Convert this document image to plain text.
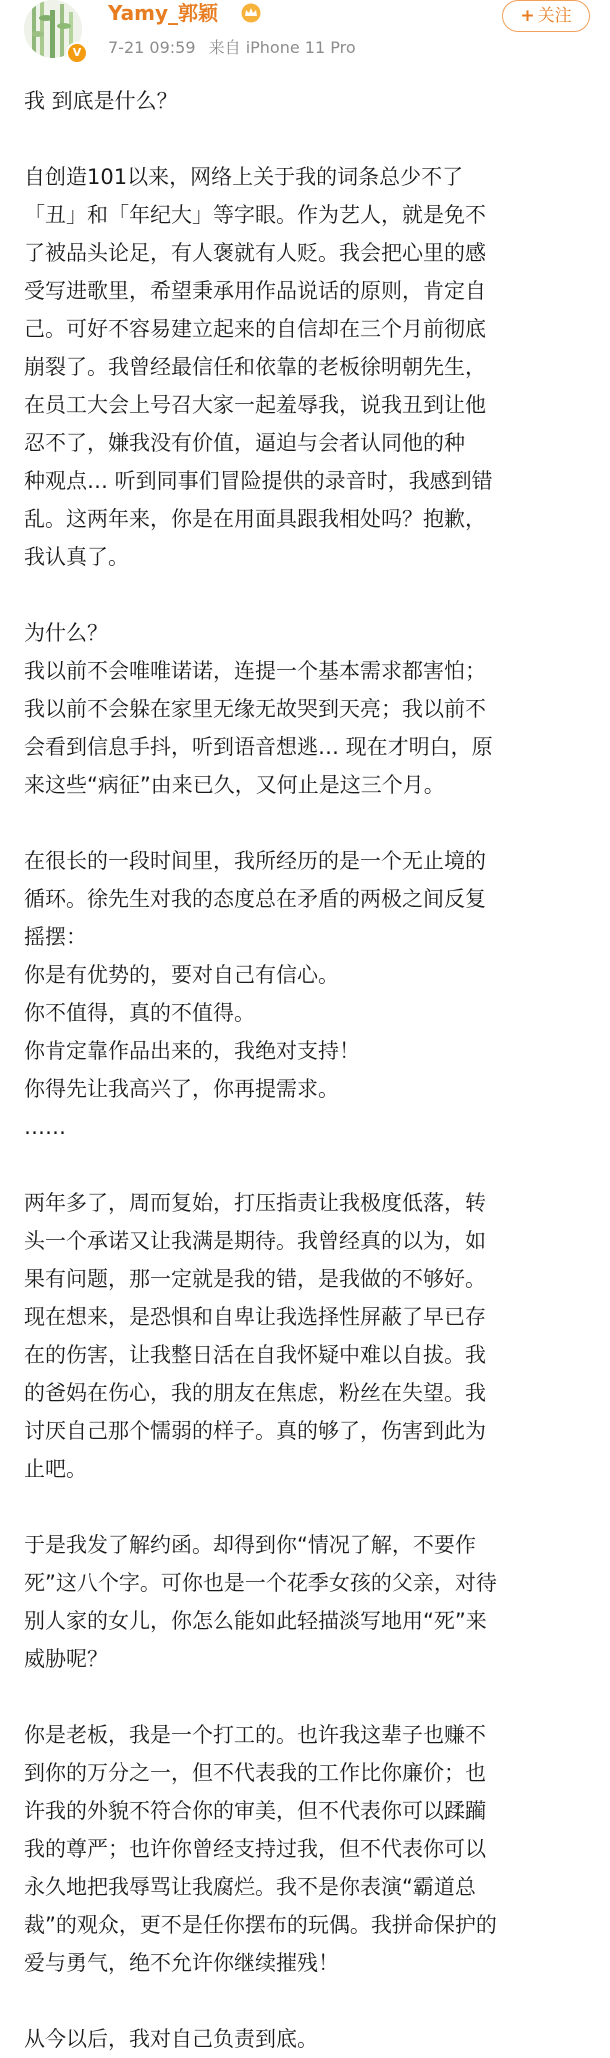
V
Yamy_郭颖
7-21 09:59 来自 iPhone 11 Pro
+ 关注

我 到底是什么？

自创造101以来，网络上关于我的词条总少不了

「丑」和「年纪大」等字眼。作为艺人，就是免不

了被品头论足，有人褒就有人贬。我会把心里的感

受写进歌里，希望秉承用作品说话的原则，肯定自

己。可好不容易建立起来的自信却在三个月前彻底

崩裂了。我曾经最信任和依靠的老板徐明朝先生，

在员工大会上号召大家一起羞辱我，说我丑到让他

忍不了，嫌我没有价值，逼迫与会者认同他的种

种观点… 听到同事们冒险提供的录音时，我感到错

乱。这两年来，你是在用面具跟我相处吗？抱歉，

我认真了。

为什么？

我以前不会唯唯诺诺，连提一个基本需求都害怕；

我以前不会躲在家里无缘无故哭到天亮；我以前不

会看到信息手抖，听到语音想逃… 现在才明白，原

来这些“病征”由来已久，又何止是这三个月。

在很长的一段时间里，我所经历的是一个无止境的

循环。徐先生对我的态度总在矛盾的两极之间反复

摇摆：

你是有优势的，要对自己有信心。

你不值得，真的不值得。

你肯定靠作品出来的，我绝对支持！

你得先让我高兴了，你再提需求。

……

两年多了，周而复始，打压指责让我极度低落，转

头一个承诺又让我满是期待。我曾经真的以为，如

果有问题，那一定就是我的错，是我做的不够好。

现在想来，是恐惧和自卑让我选择性屏蔽了早已存

在的伤害，让我整日活在自我怀疑中难以自拔。我

的爸妈在伤心，我的朋友在焦虑，粉丝在失望。我

讨厌自己那个懦弱的样子。真的够了，伤害到此为

止吧。

于是我发了解约函。却得到你“情况了解，不要作

死”这八个字。可你也是一个花季女孩的父亲，对待

别人家的女儿，你怎么能如此轻描淡写地用“死”来

威胁呢？

你是老板，我是一个打工的。也许我这辈子也赚不

到你的万分之一，但不代表我的工作比你廉价；也

许我的外貌不符合你的审美，但不代表你可以蹂躏

我的尊严；也许你曾经支持过我，但不代表你可以

永久地把我辱骂让我腐烂。我不是你表演“霸道总

裁”的观众，更不是任你摆布的玩偶。我拼命保护的

爱与勇气，绝不允许你继续摧残！

从今以后，我对自己负责到底。
